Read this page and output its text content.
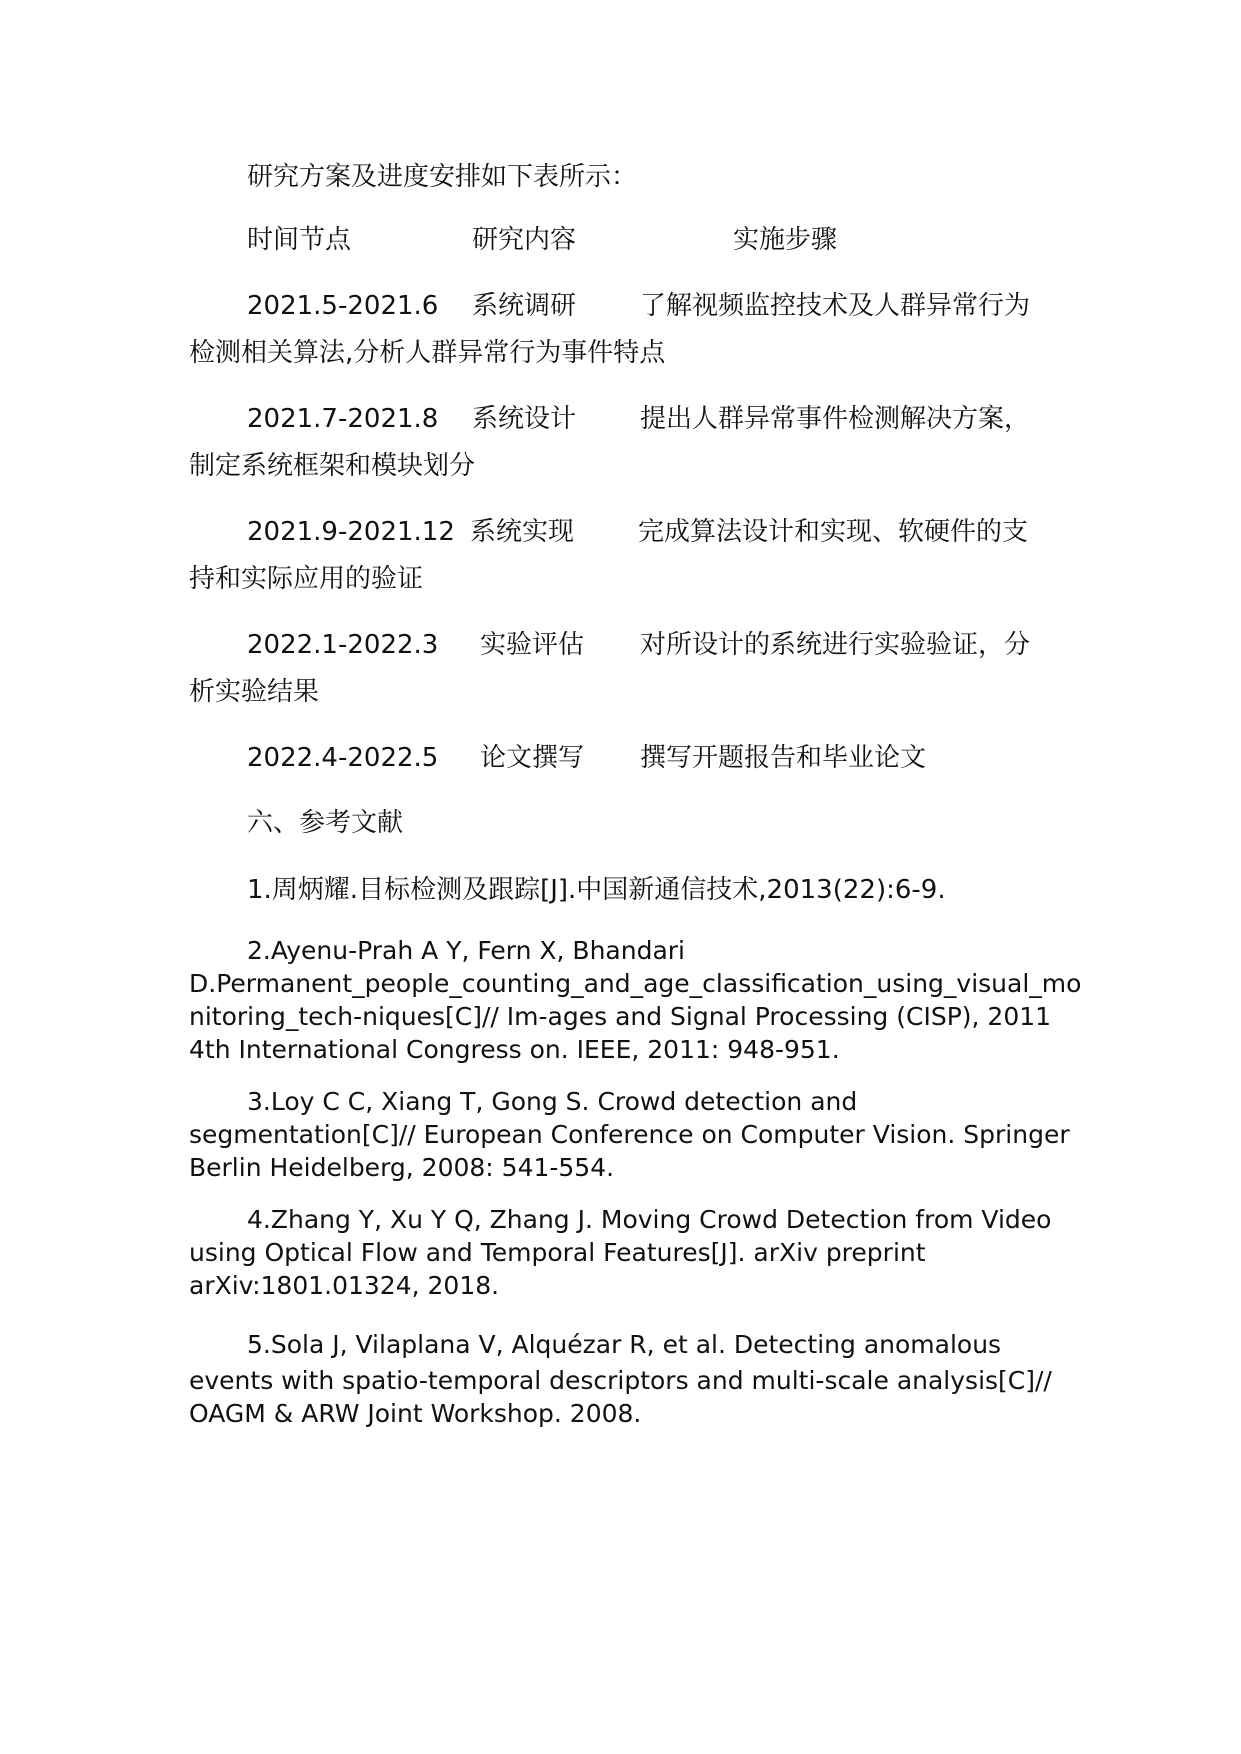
研究方案及进度安排如下表所示：

时间节点	研究内容	实施步骤
2021.5-2021.6 系统调研 了解视频监控技术及人群异常行为

检测相关算法,分析人群异常行为事件特点

2021.7-2021.8 系统设计 提出人群异常事件检测解决方案，

制定系统框架和模块划分

2021.9-2021.12 系统实现 完成算法设计和实现、软硬件的支

持和实际应用的验证

2022.1-2022.3 实验评估 对所设计的系统进行实验验证，分

析实验结果

2022.4-2022.5 论文撰写 撰写开题报告和毕业论文

六、参考文献

1.周炳耀.目标检测及跟踪[J].中国新通信技术,2013(22):6-9.

2.Ayenu-Prah A Y, Fern X, Bhandari

D.Permanent_people_counting_and_age_classification_using_visual_mo

nitoring_tech-niques[C]// Im-ages and Signal Processing (CISP), 2011

4th International Congress on. IEEE, 2011: 948-951.

3.Loy C C, Xiang T, Gong S. Crowd detection and

segmentation[C]// European Conference on Computer Vision. Springer

Berlin Heidelberg, 2008: 541-554.

4.Zhang Y, Xu Y Q, Zhang J. Moving Crowd Detection from Video

using Optical Flow and Temporal Features[J]. arXiv preprint

arXiv:1801.01324, 2018.

5.Sola J, Vilaplana V, Alquézar R, et al. Detecting anomalous

events with spatio-temporal descriptors and multi-scale analysis[C]//

OAGM & ARW Joint Workshop. 2008.
